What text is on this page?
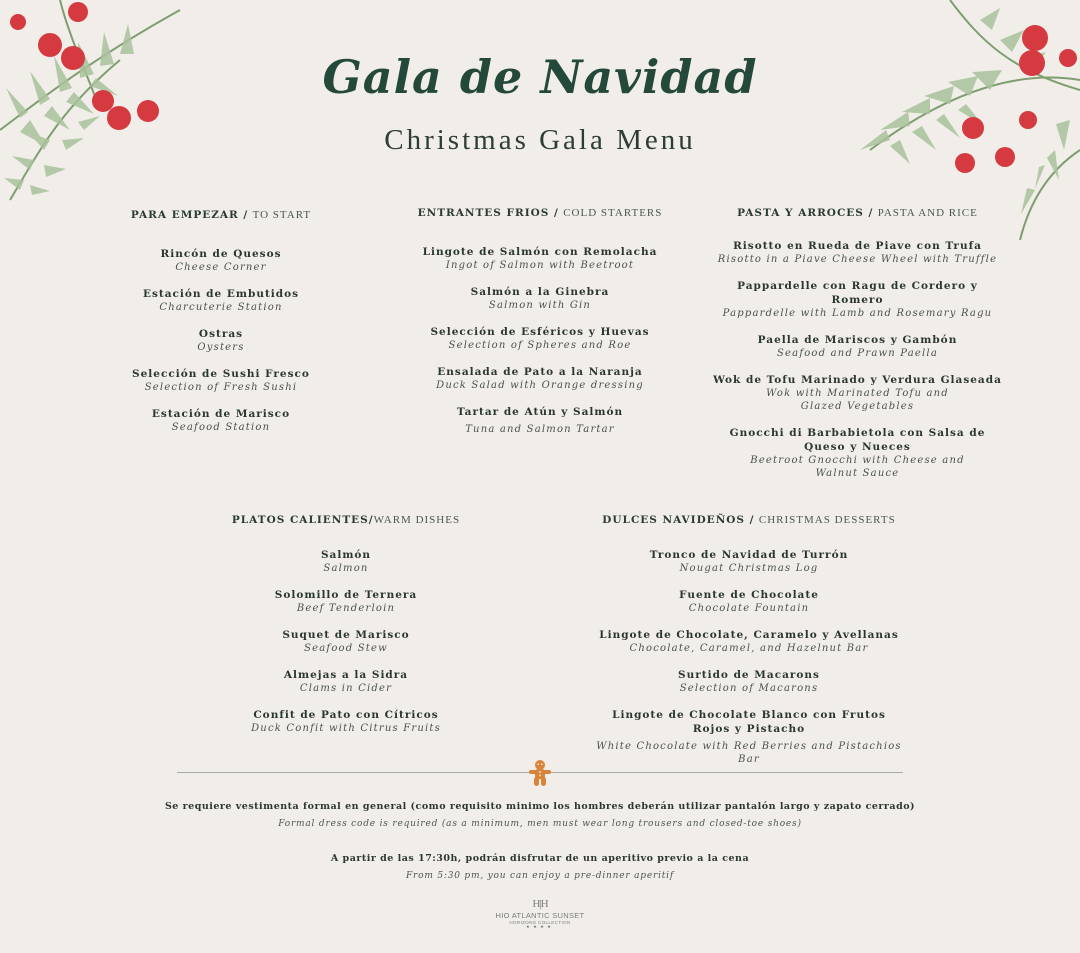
Gala de Navidad
Christmas Gala Menu
PARA EMPEZAR / TO START
Rincón de Quesos
Cheese Corner
Estación de Embutidos
Charcuterie Station
Ostras
Oysters
Selección de Sushi Fresco
Selection of Fresh Sushi
Estación de Marisco
Seafood Station
ENTRANTES FRIOS / COLD STARTERS
Lingote de Salmón con Remolacha
Ingot of Salmon with Beetroot
Salmón a la Ginebra
Salmon with Gin
Selección de Esféricos y Huevas
Selection of Spheres and Roe
Ensalada de Pato a la Naranja
Duck Salad with Orange dressing
Tartar de Atún y Salmón
Tuna and Salmon Tartar
PASTA Y ARROCES / PASTA AND RICE
Risotto en Rueda de Piave con Trufa
Risotto in a Piave Cheese Wheel with Truffle
Pappardelle con Ragu de Cordero y Romero
Pappardelle with Lamb and Rosemary Ragu
Paella de Mariscos y Gambón
Seafood and Prawn Paella
Wok de Tofu Marinado y Verdura Glaseada
Wok with Marinated Tofu and Glazed Vegetables
Gnocchi di Barbabietola con Salsa de Queso y Nueces
Beetroot Gnocchi with Cheese and Walnut Sauce
PLATOS CALIENTES/WARM DISHES
Salmón
Salmon
Solomillo de Ternera
Beef Tenderloin
Suquet de Marisco
Seafood Stew
Almejas a la Sidra
Clams in Cider
Confit de Pato con Cítricos
Duck Confit with Citrus Fruits
DULCES NAVIDEÑOS / CHRISTMAS DESSERTS
Tronco de Navidad de Turrón
Nougat Christmas Log
Fuente de Chocolate
Chocolate Fountain
Lingote de Chocolate, Caramelo y Avellanas
Chocolate, Caramel, and Hazelnut Bar
Surtido de Macarons
Selection of Macarons
Lingote de Chocolate Blanco con Frutos Rojos y Pistacho
White Chocolate with Red Berries and Pistachios Bar
Se requiere vestimenta formal en general (como requisito minimo los hombres deberán utilizar pantalón largo y zapato cerrado)
Formal dress code is required (as a minimum, men must wear long trousers and closed-toe shoes)
A partir de las 17:30h, podrán disfrutar de un aperitivo previo a la cena
From 5:30 pm, you can enjoy a pre-dinner aperitif
H|H
HIO ATLANTIC SUNSET
HORIZONS COLLECTION
★★★★
